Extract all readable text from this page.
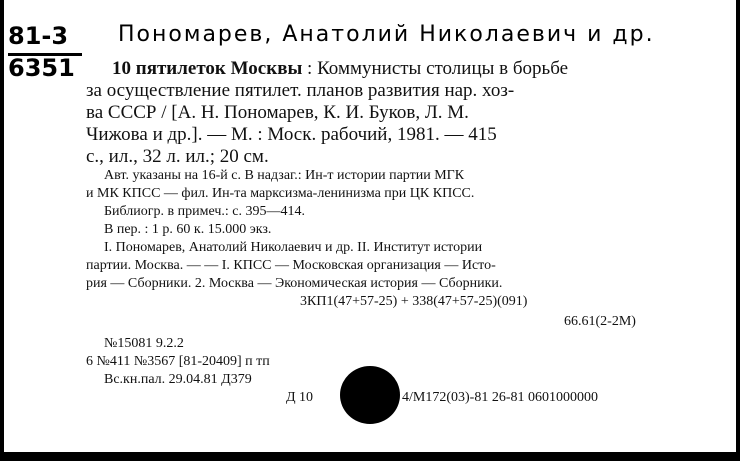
81-3
6351
Пономарев, Анатолий Николаевич и др.
10 пятилеток Москвы : Коммунисты столицы в борьбе
за осуществление пятилет. планов развития нар. хоз-
ва СССР / [А. Н. Пономарев, К. И. Буков, Л. М.
Чижова и др.]. — М. : Моск. рабочий, 1981. — 415
с., ил., 32 л. ил.; 20 см.
Авт. указаны на 16-й с. В надзаг.: Ин-т истории партии МГК
и МК КПСС — фил. Ин-та марксизма-ленинизма при ЦК КПСС.
Библиогр. в примеч.: с. 395—414.
В пер. : 1 р. 60 к. 15.000 экз.
I. Пономарев, Анатолий Николаевич и др. II. Институт истории
партии. Москва. — — I. КПСС — Московская организация — Исто-
рия — Сборники. 2. Москва — Экономическая история — Сборники.
3КП1(47+57-25) + 338(47+57-25)(091)
66.61(2-2М)
№15081 9.2.2
6 №411 №3567 [81-20409] п тп
Вс.кн.пал. 29.04.81 Д379
Д 10	4/М172(03)-81 26-81 0601000000
